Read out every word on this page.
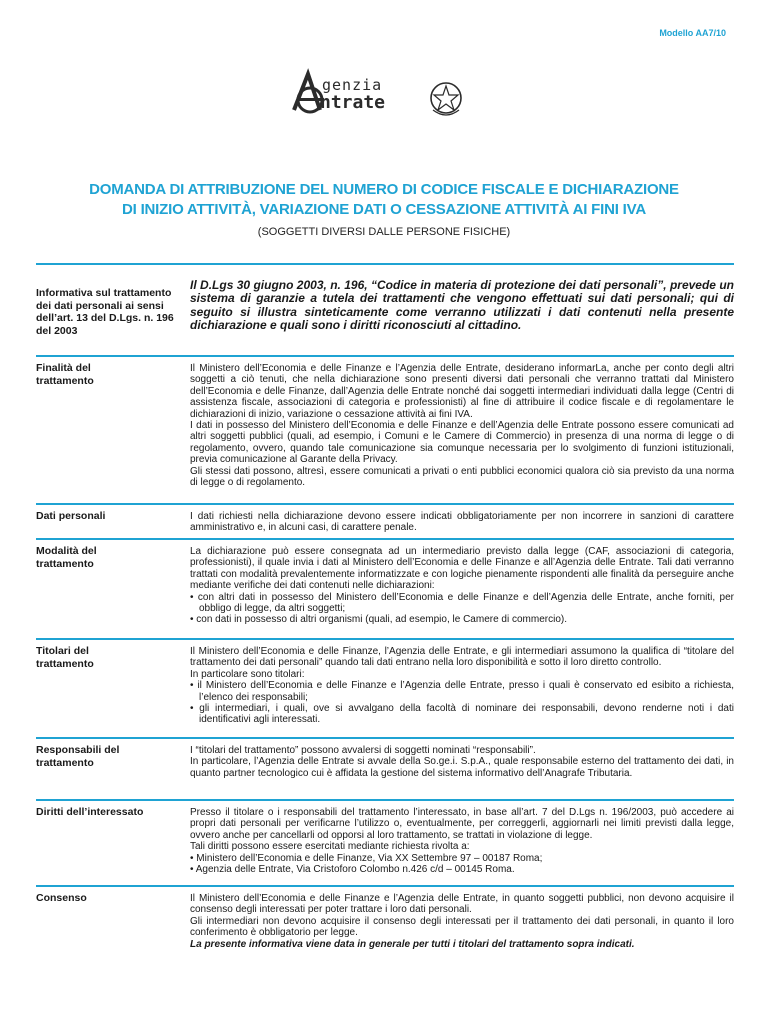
Modello AA7/10
genzia
ntrate
DOMANDA DI ATTRIBUZIONE DEL NUMERO DI CODICE FISCALE E DICHIARAZIONE
DI INIZIO ATTIVITÀ, VARIAZIONE DATI O CESSAZIONE ATTIVITÀ AI FINI IVA
(SOGGETTI DIVERSI DALLE PERSONE FISICHE)
Informativa sul trattamento dei dati personali ai sensi dell’art. 13 del D.Lgs. n. 196 del 2003

Il D.Lgs 30 giugno 2003, n. 196, “Codice in materia di protezione dei dati personali”, prevede un sistema di garanzie a tutela dei trattamenti che vengono effettuati sui dati personali; qui di seguito si illustra sinteticamente come verranno utilizzati i dati contenuti nella presente dichiarazione e quali sono i diritti riconosciuti al cittadino.

Finalità del trattamento

Il Ministero dell’Economia e delle Finanze e l’Agenzia delle Entrate, desiderano informarLa, anche per conto degli altri soggetti a ciò tenuti, che nella dichiarazione sono presenti diversi dati personali che verranno trattati dal Ministero dell’Economia e delle Finanze, dall’Agenzia delle Entrate nonché dai soggetti intermediari individuati dalla legge (Centri di assistenza fiscale, associazioni di categoria e professionisti) al fine di attribuire il codice fiscale e di regolamentare le dichiarazioni di inizio, variazione o cessazione attività ai fini IVA.

I dati in possesso del Ministero dell’Economia e delle Finanze e dell’Agenzia delle Entrate possono essere comunicati ad altri soggetti pubblici (quali, ad esempio, i Comuni e le Camere di Commercio) in presenza di una norma di legge o di regolamento, ovvero, quando tale comunicazione sia comunque necessaria per lo svolgimento di funzioni istituzionali, previa comunicazione al Garante della Privacy.

Gli stessi dati possono, altresì, essere comunicati a privati o enti pubblici economici qualora ciò sia previsto da una norma di legge o di regolamento.

Dati personali	I dati richiesti nella dichiarazione devono essere indicati obbligatoriamente per non incorrere in sanzioni di carattere amministrativo e, in alcuni casi, di carattere penale.

Modalità del trattamento

La dichiarazione può essere consegnata ad un intermediario previsto dalla legge (CAF, associazioni di categoria, professionisti), il quale invia i dati al Ministero dell’Economia e delle Finanze e all’Agenzia delle Entrate. Tali dati verranno trattati con modalità prevalentemente informatizzate e con logiche pienamente rispondenti alle finalità da perseguire anche mediante verifiche dei dati contenuti nelle dichiarazioni:

• con altri dati in possesso del Ministero dell’Economia e delle Finanze e dell’Agenzia delle Entrate, anche forniti, per obbligo di legge, da altri soggetti;

• con dati in possesso di altri organismi (quali, ad esempio, le Camere di commercio).

Titolari del trattamento

Il Ministero dell’Economia e delle Finanze, l’Agenzia delle Entrate, e gli intermediari assumono la qualifica di “titolare del trattamento dei dati personali” quando tali dati entrano nella loro disponibilità e sotto il loro diretto controllo.

In particolare sono titolari:

• il Ministero dell’Economia e delle Finanze e l’Agenzia delle Entrate, presso i quali è conservato ed esibito a richiesta, l’elenco dei responsabili;

• gli intermediari, i quali, ove si avvalgano della facoltà di nominare dei responsabili, devono renderne noti i dati identificativi agli interessati.

Responsabili del trattamento

I “titolari del trattamento” possono avvalersi di soggetti nominati “responsabili”.

In particolare, l’Agenzia delle Entrate si avvale della So.ge.i. S.p.A., quale responsabile esterno del trattamento dei dati, in quanto partner tecnologico cui è affidata la gestione del sistema informativo dell’Anagrafe Tributaria.

Diritti dell’interessato	Presso il titolare o i responsabili del trattamento l’interessato, in base all’art. 7 del D.Lgs n. 196/2003, può accedere ai propri dati personali per verificarne l’utilizzo o, eventualmente, per correggerli, aggiornarli nei limiti previsti dalla legge, ovvero anche per cancellarli od opporsi al loro trattamento, se trattati in violazione di legge.

Tali diritti possono essere esercitati mediante richiesta rivolta a:

• Ministero dell’Economia e delle Finanze, Via XX Settembre 97 – 00187 Roma;

• Agenzia delle Entrate, Via Cristoforo Colombo n.426 c/d – 00145 Roma.

Consenso	Il Ministero dell’Economia e delle Finanze e l’Agenzia delle Entrate, in quanto soggetti pubblici, non devono acquisire il consenso degli interessati per poter trattare i loro dati personali.

Gli intermediari non devono acquisire il consenso degli interessati per il trattamento dei dati personali, in quanto il loro conferimento è obbligatorio per legge.

La presente informativa viene data in generale per tutti i titolari del trattamento sopra indicati.
